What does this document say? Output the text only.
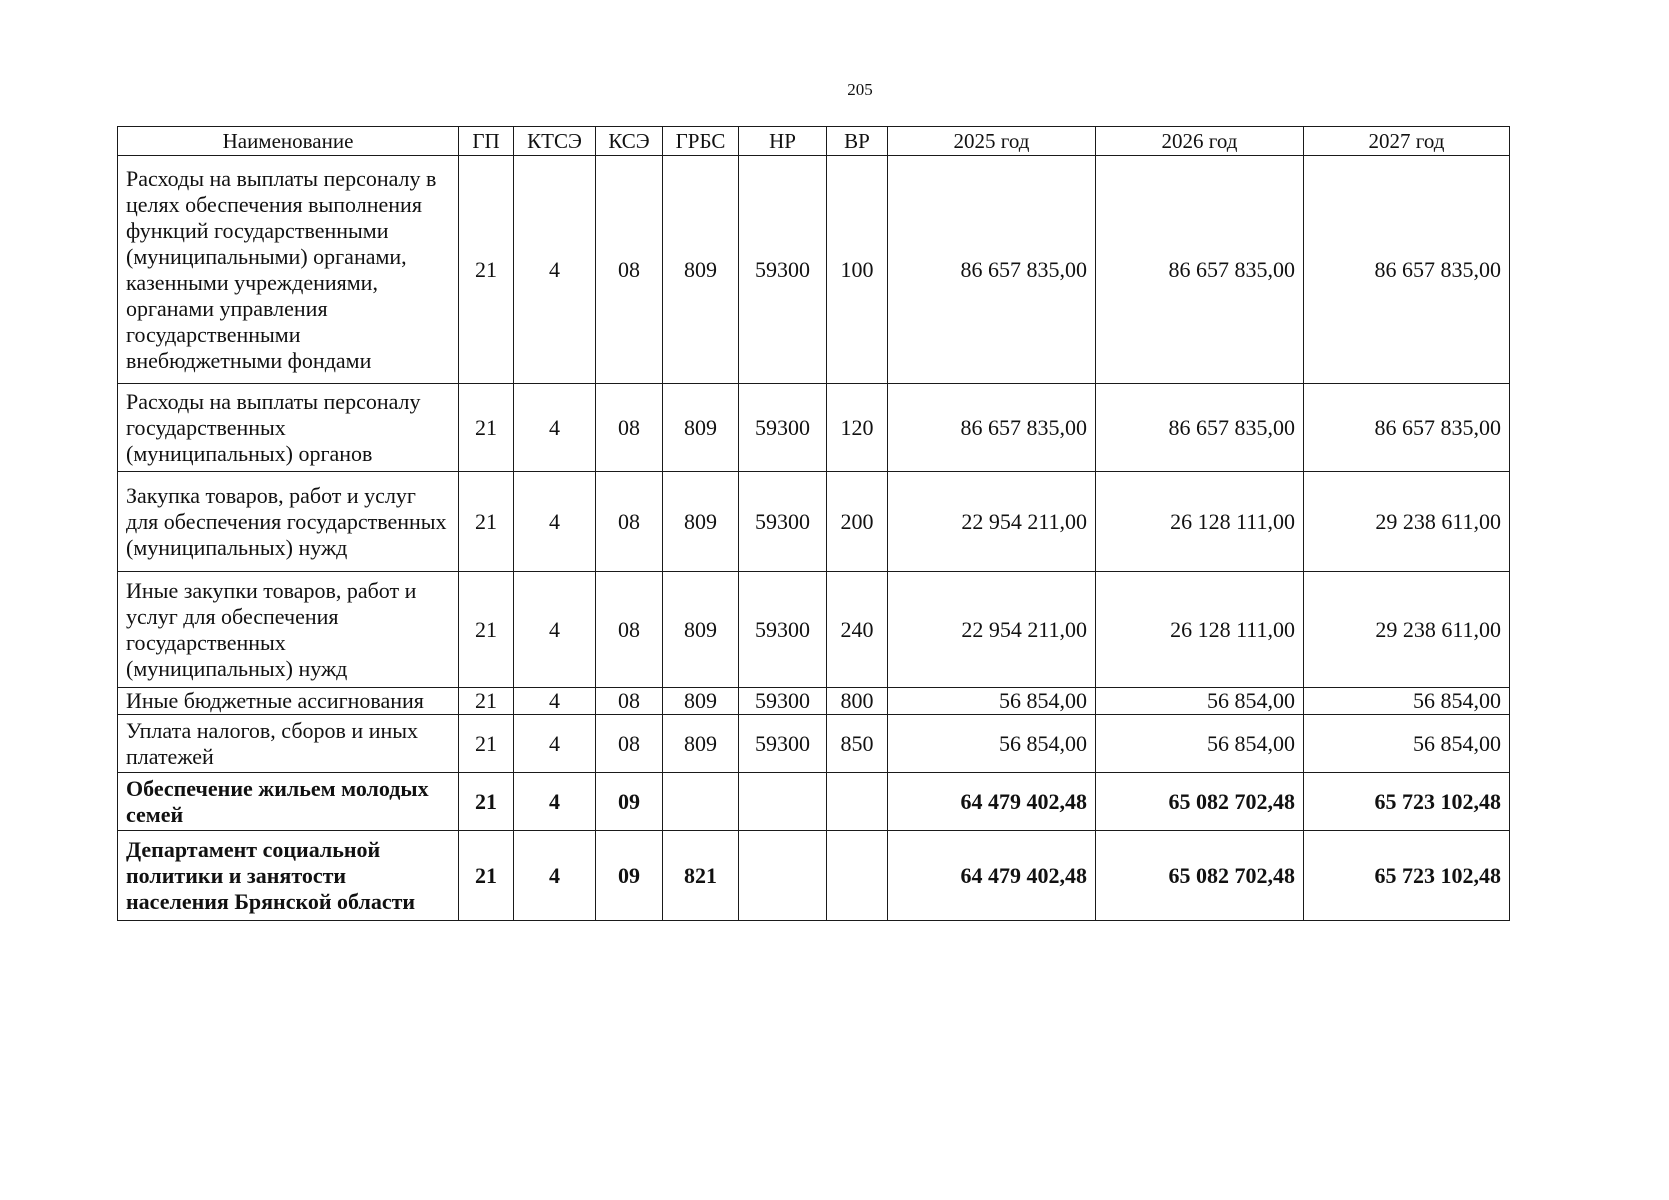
205
Наименование	ГП	КТСЭ	КСЭ	ГРБС	НР	ВР	2025 год	2026 год	2027 год
Расходы на выплаты персоналу в целях обеспечения выполнения функций государственными (муниципальными) органами, казенными учреждениями, органами управления государственными внебюджетными фондами	21	4	08	809	59300	100	86 657 835,00	86 657 835,00	86 657 835,00
Расходы на выплаты персоналу государственных (муниципальных) органов	21	4	08	809	59300	120	86 657 835,00	86 657 835,00	86 657 835,00
Закупка товаров, работ и услуг для обеспечения государственных (муниципальных) нужд	21	4	08	809	59300	200	22 954 211,00	26 128 111,00	29 238 611,00
Иные закупки товаров, работ и услуг для обеспечения государственных (муниципальных) нужд	21	4	08	809	59300	240	22 954 211,00	26 128 111,00	29 238 611,00
Иные бюджетные ассигнования	21	4	08	809	59300	800	56 854,00	56 854,00	56 854,00
Уплата налогов, сборов и иных платежей	21	4	08	809	59300	850	56 854,00	56 854,00	56 854,00
Обеспечение жильем молодых семей	21	4	09				64 479 402,48	65 082 702,48	65 723 102,48
Департамент социальной политики и занятости населения Брянской области	21	4	09	821			64 479 402,48	65 082 702,48	65 723 102,48
